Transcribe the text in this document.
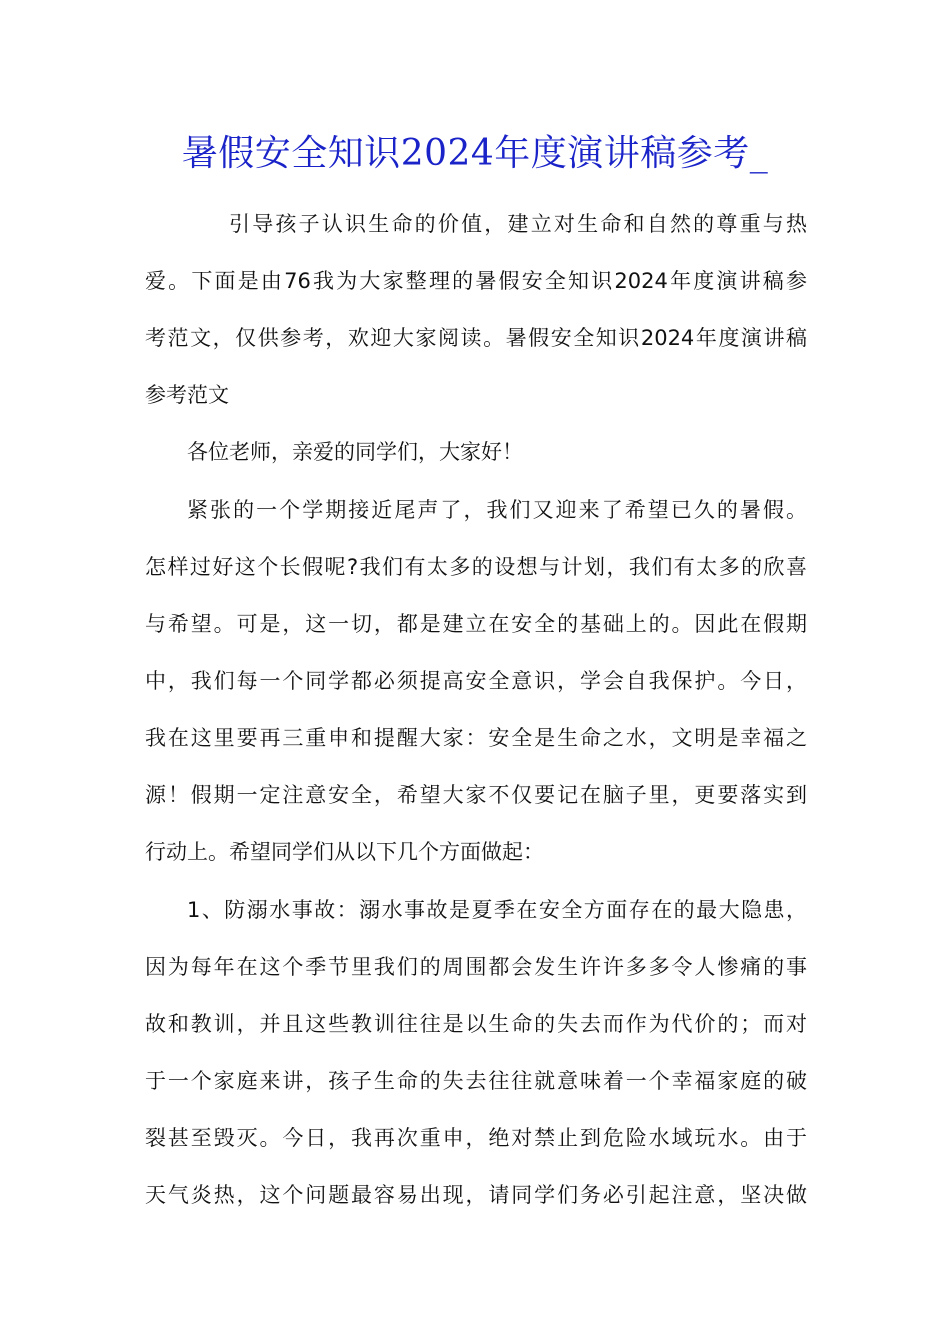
暑假安全知识2024年度演讲稿参考_
引导孩子认识生命的价值，建立对生命和自然的尊重与热
爱。下面是由76我为大家整理的暑假安全知识2024年度演讲稿参
考范文，仅供参考，欢迎大家阅读。暑假安全知识2024年度演讲稿
参考范文
各位老师，亲爱的同学们，大家好！
紧张的一个学期接近尾声了，我们又迎来了希望已久的暑假。
怎样过好这个长假呢?我们有太多的设想与计划，我们有太多的欣喜
与希望。可是，这一切，都是建立在安全的基础上的。因此在假期
中，我们每一个同学都必须提高安全意识，学会自我保护。今日，
我在这里要再三重申和提醒大家：安全是生命之水，文明是幸福之
源！假期一定注意安全，希望大家不仅要记在脑子里，更要落实到
行动上。希望同学们从以下几个方面做起：
1、防溺水事故：溺水事故是夏季在安全方面存在的最大隐患，
因为每年在这个季节里我们的周围都会发生许许多多令人惨痛的事
故和教训，并且这些教训往往是以生命的失去而作为代价的；而对
于一个家庭来讲，孩子生命的失去往往就意味着一个幸福家庭的破
裂甚至毁灭。今日，我再次重申，绝对禁止到危险水域玩水。由于
天气炎热，这个问题最容易出现，请同学们务必引起注意，坚决做
